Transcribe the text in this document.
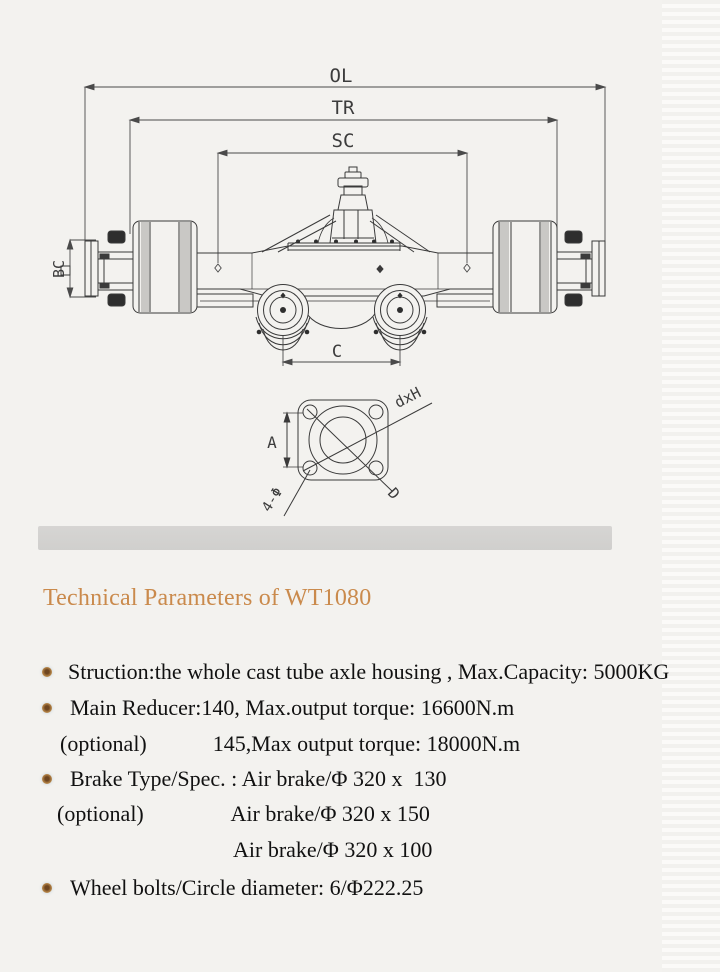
OL
TR
SC
BC
C
A
dxH
4-Φ	D
Technical Parameters of WT1080
Struction:the whole cast tube axle housing , Max.Capacity: 5000KG
Main Reducer:140, Max.output torque: 16600N.m
(optional)            145,Max output torque: 18000N.m
Brake Type/Spec. : Air brake/Φ 320 x  130
(optional)                Air brake/Φ 320 x 150
Air brake/Φ 320 x 100
Wheel bolts/Circle diameter: 6/Φ222.25
